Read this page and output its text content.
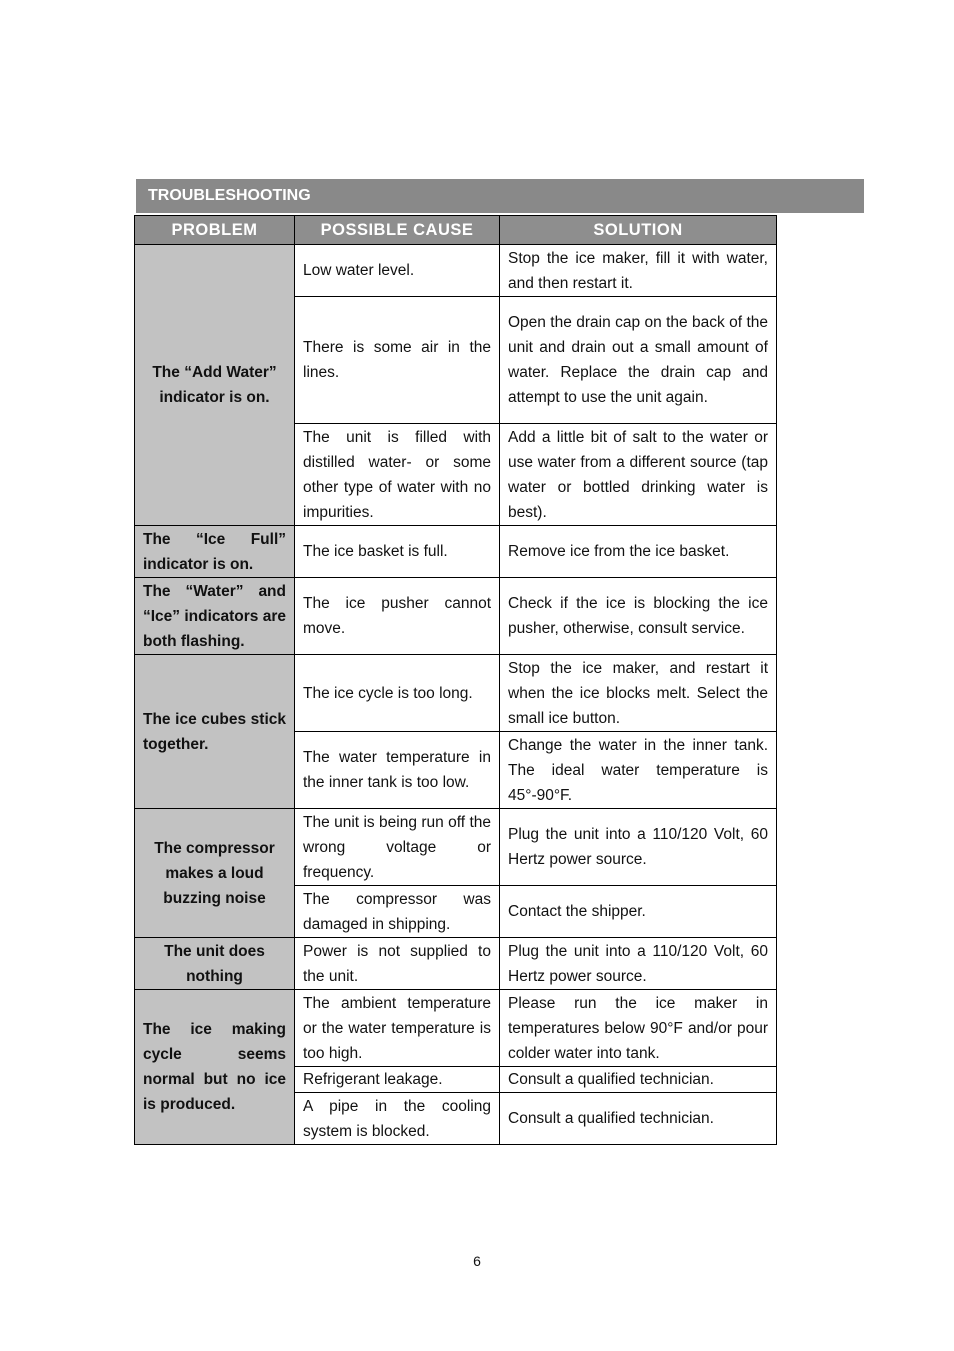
TROUBLESHOOTING
PROBLEM	POSSIBLE CAUSE	SOLUTION
The “Add Water” indicator is on.	Low water level.	Stop the ice maker, fill it with water, and then restart it.
	There is some air in the lines.	Open the drain cap on the back of the unit and drain out a small amount of water. Replace the drain cap and attempt to use the unit again.
	The unit is filled with distilled water- or some other type of water with no impurities.	Add a little bit of salt to the water or use water from a different source (tap water or bottled drinking water is best).
The “Ice Full” indicator is on.	The ice basket is full.	Remove ice from the ice basket.
The “Water” and “Ice” indicators are both flashing.	The ice pusher cannot move.	Check if the ice is blocking the ice pusher, otherwise, consult service.
The ice cubes stick together.	The ice cycle is too long.	Stop the ice maker, and restart it when the ice blocks melt. Select the small ice button.
	The water temperature in the inner tank is too low.	Change the water in the inner tank. The ideal water temperature is 45°-90°F.
The compressor makes a loud buzzing noise	The unit is being run off the wrong voltage or frequency.	Plug the unit into a 110/120 Volt, 60 Hertz power source.
	The compressor was damaged in shipping.	Contact the shipper.
The unit does nothing	Power is not supplied to the unit.	Plug the unit into a 110/120 Volt, 60 Hertz power source.
The ice making cycle seems normal but no ice is produced.	The ambient temperature or the water temperature is too high.	Please run the ice maker in temperatures below 90°F and/or pour colder water into tank.
	Refrigerant leakage.	Consult a qualified technician.
	A pipe in the cooling system is blocked.	Consult a qualified technician.
6
